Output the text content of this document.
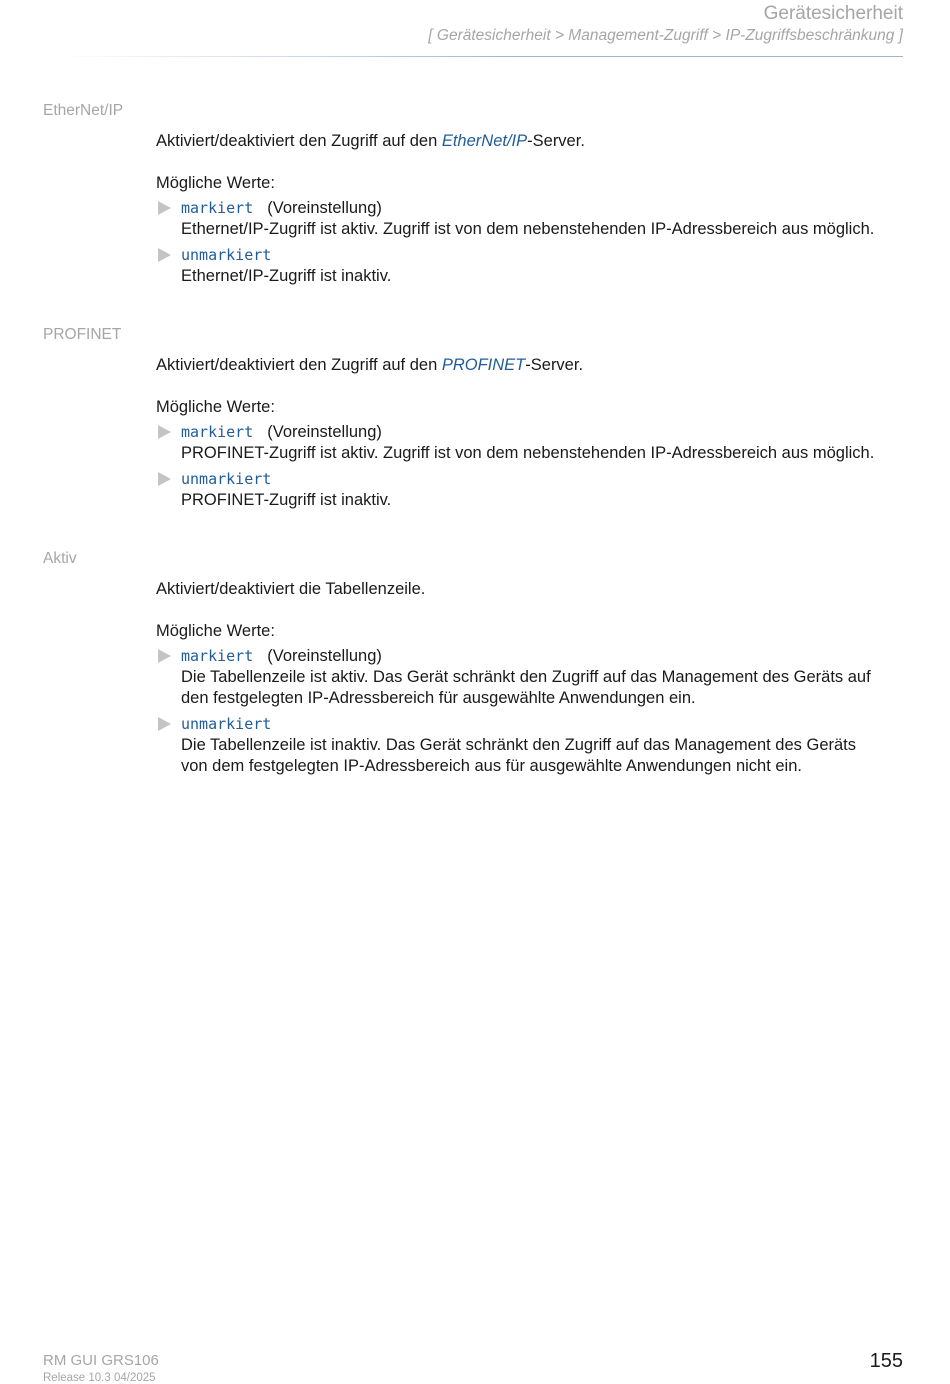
Gerätesicherheit
[ Gerätesicherheit > Management-Zugriff > IP-Zugriffsbeschränkung ]
EtherNet/IP
Aktiviert/deaktiviert den Zugriff auf den EtherNet/IP-Server.
Mögliche Werte:
markiert (Voreinstellung)
Ethernet/IP-Zugriff ist aktiv. Zugriff ist von dem nebenstehenden IP-Adressbereich aus möglich.
unmarkiert
Ethernet/IP-Zugriff ist inaktiv.
PROFINET
Aktiviert/deaktiviert den Zugriff auf den PROFINET-Server.
Mögliche Werte:
markiert (Voreinstellung)
PROFINET-Zugriff ist aktiv. Zugriff ist von dem nebenstehenden IP-Adressbereich aus möglich.
unmarkiert
PROFINET-Zugriff ist inaktiv.
Aktiv
Aktiviert/deaktiviert die Tabellenzeile.
Mögliche Werte:
markiert (Voreinstellung)
Die Tabellenzeile ist aktiv. Das Gerät schränkt den Zugriff auf das Management des Geräts auf
den festgelegten IP-Adressbereich für ausgewählte Anwendungen ein.
unmarkiert
Die Tabellenzeile ist inaktiv. Das Gerät schränkt den Zugriff auf das Management des Geräts
von dem festgelegten IP-Adressbereich aus für ausgewählte Anwendungen nicht ein.
RM GUI GRS106
Release 10.3 04/2025
155
